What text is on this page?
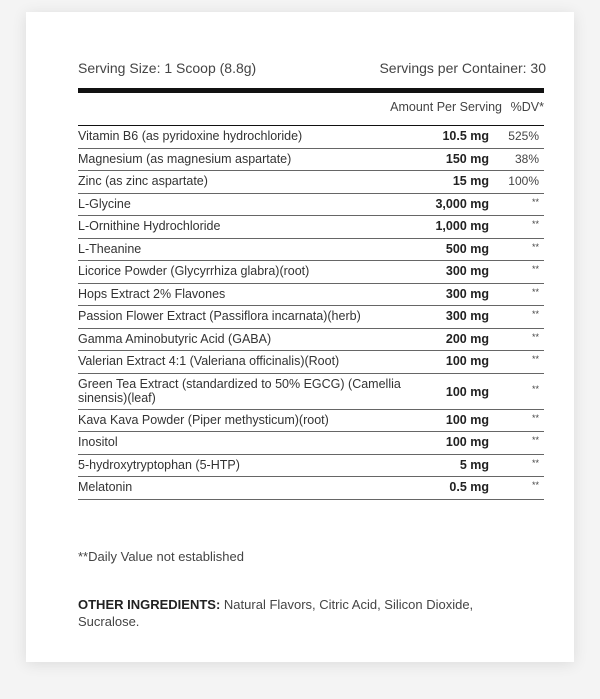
Serving Size: 1 Scoop (8.8g)	Servings per Container: 30
Amount Per Serving %DV*
Vitamin B6 (as pyridoxine hydrochloride)	10.5 mg 525%
Magnesium (as magnesium aspartate)	150 mg 38%
Zinc (as zinc aspartate)	15 mg 100%
L-Glycine	3,000 mg	**
L-Ornithine Hydrochloride	1,000 mg	**
L-Theanine	500 mg	**
Licorice Powder (Glycyrrhiza glabra)(root)	300 mg	**
Hops Extract 2% Flavones	300 mg	**
Passion Flower Extract (Passiflora incarnata)(herb)	300 mg	**
Gamma Aminobutyric Acid (GABA)	200 mg	**
Valerian Extract 4:1 (Valeriana officinalis)(Root)	100 mg	**
Green Tea Extract (standardized to 50% EGCG) (Camellia sinensis)(leaf)	100 mg	**
Kava Kava Powder (Piper methysticum)(root)	100 mg	**
Inositol	100 mg	**
5-hydroxytryptophan (5-HTP)	5 mg	**
Melatonin	0.5 mg	**
**Daily Value not established
OTHER INGREDIENTS: Natural Flavors, Citric Acid, Silicon Dioxide, Sucralose.
